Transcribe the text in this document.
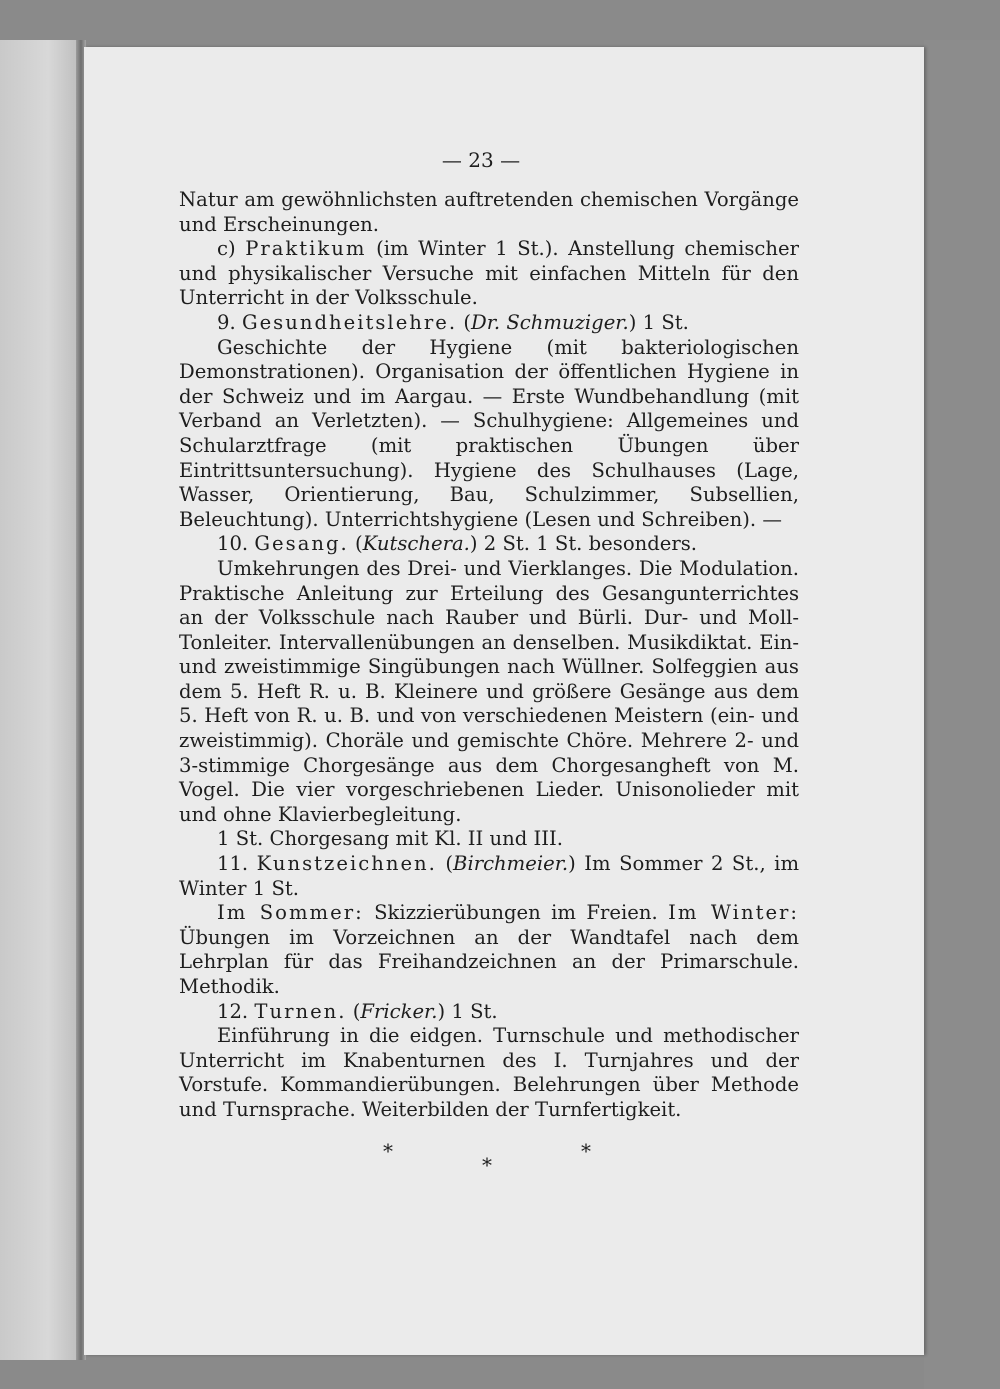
— 23 —

Natur am gewöhnlichsten auftretenden chemischen Vorgänge und Erscheinungen.

c) Praktikum (im Winter 1 St.). Anstellung chemischer und physikalischer Versuche mit einfachen Mitteln für den Unterricht in der Volksschule.

9. Gesundheitslehre. (Dr. Schmuziger.) 1 St.

Geschichte der Hygiene (mit bakteriologischen Demonstrationen). Organisation der öffentlichen Hygiene in der Schweiz und im Aargau. — Erste Wundbehandlung (mit Verband an Verletzten). — Schulhygiene: Allgemeines und Schularztfrage (mit praktischen Übungen über Eintrittsuntersuchung). Hygiene des Schulhauses (Lage, Wasser, Orientierung, Bau, Schulzimmer, Subsellien, Beleuchtung). Unterrichtshygiene (Lesen und Schreiben). —

10. Gesang. (Kutschera.) 2 St. 1 St. besonders.

Umkehrungen des Drei- und Vierklanges. Die Modulation. Praktische Anleitung zur Erteilung des Gesangunterrichtes an der Volksschule nach Rauber und Bürli. Dur- und Moll-Tonleiter. Intervallenübungen an denselben. Musikdiktat. Ein- und zweistimmige Singübungen nach Wüllner. Solfeggien aus dem 5. Heft R. u. B. Kleinere und größere Gesänge aus dem 5. Heft von R. u. B. und von verschiedenen Meistern (ein- und zweistimmig). Choräle und gemischte Chöre. Mehrere 2- und 3-stimmige Chorgesänge aus dem Chorgesangheft von M. Vogel. Die vier vorgeschriebenen Lieder. Unisonolieder mit und ohne Klavierbegleitung.

1 St. Chorgesang mit Kl. II und III.

11. Kunstzeichnen. (Birchmeier.) Im Sommer 2 St., im Winter 1 St.

Im Sommer: Skizzierübungen im Freien. Im Winter: Übungen im Vorzeichnen an der Wandtafel nach dem Lehrplan für das Freihandzeichnen an der Primarschule. Methodik.

12. Turnen. (Fricker.) 1 St.

Einführung in die eidgen. Turnschule und methodischer Unterricht im Knabenturnen des I. Turnjahres und der Vorstufe. Kommandierübungen. Belehrungen über Methode und Turnsprache. Weiterbilden der Turnfertigkeit.

*
*
*
